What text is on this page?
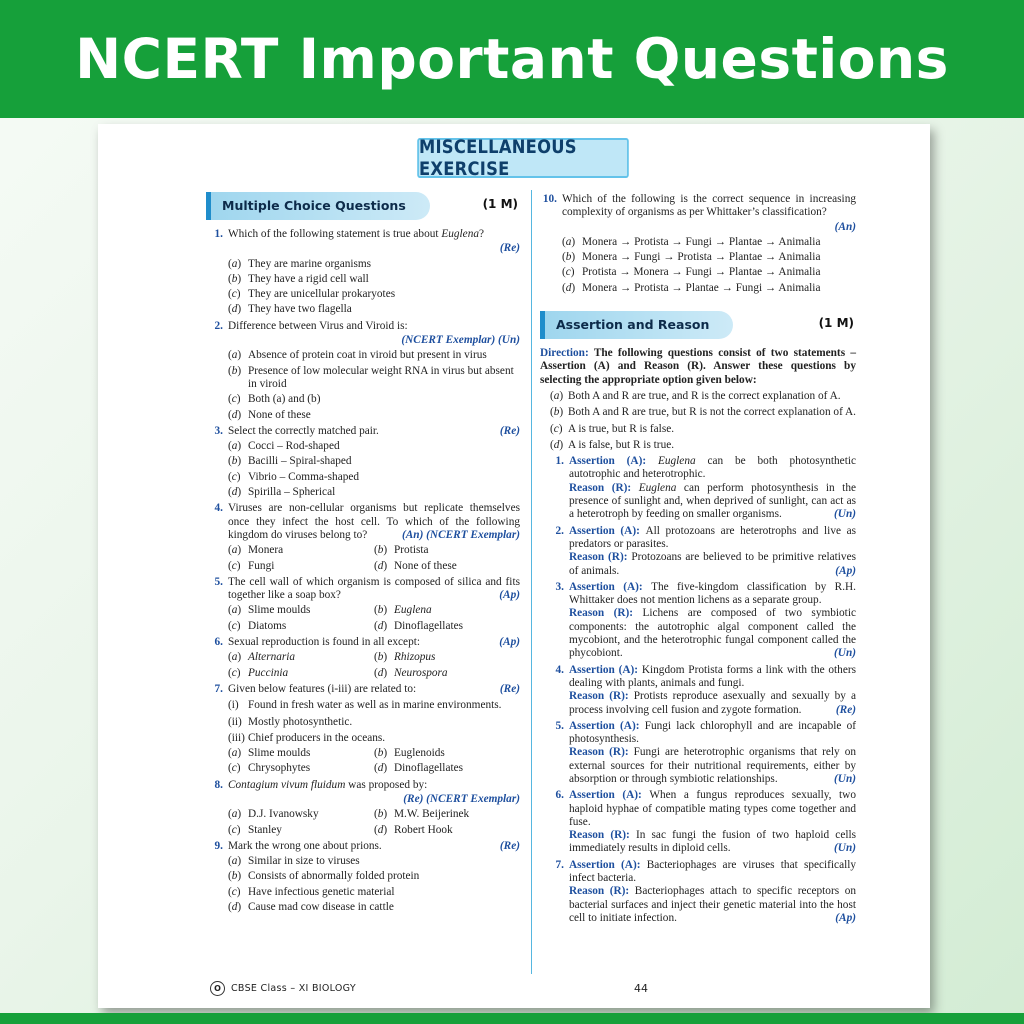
NCERT Important Questions
MISCELLANEOUS EXERCISE
Multiple Choice Questions	(1 M)
1. Which of the following statement is true about Euglena?
(Re)
(a) They are marine organisms
(b) They have a rigid cell wall
(c) They are unicellular prokaryotes
(d) They have two flagella
2. Difference between Virus and Viroid is:
(NCERT Exemplar) (Un)
(a) Absence of protein coat in viroid but present in virus
(b) Presence of low molecular weight RNA in virus but absent in viroid
(c) Both (a) and (b)
(d) None of these
3. Select the correctly matched pair.	(Re)
(a) Cocci – Rod-shaped
(b) Bacilli – Spiral-shaped
(c) Vibrio – Comma-shaped
(d) Spirilla – Spherical
4. Viruses are non-cellular organisms but replicate themselves once they infect the host cell. To which of the following kingdom do viruses belong to?	(An) (NCERT Exemplar)
(a) Monera	(b) Protista
(c) Fungi	(d) None of these
5. The cell wall of which organism is composed of silica and fits together like a soap box?	(Ap)
(a) Slime moulds	(b) Euglena
(c) Diatoms	(d) Dinoflagellates
6. Sexual reproduction is found in all except:	(Ap)
(a) Alternaria	(b) Rhizopus
(c) Puccinia	(d) Neurospora
7. Given below features (i-iii) are related to:	(Re)
(i) Found in fresh water as well as in marine environments.
(ii) Mostly photosynthetic.
(iii) Chief producers in the oceans.
(a) Slime moulds	(b) Euglenoids
(c) Chrysophytes	(d) Dinoflagellates
8. Contagium vivum fluidum was proposed by:
(Re) (NCERT Exemplar)
(a) D.J. Ivanowsky	(b) M.W. Beijerinek
(c) Stanley	(d) Robert Hook
9. Mark the wrong one about prions.	(Re)
(a) Similar in size to viruses
(b) Consists of abnormally folded protein
(c) Have infectious genetic material
(d) Cause mad cow disease in cattle
10. Which of the following is the correct sequence in increasing complexity of organisms as per Whittaker’s classification?
(An)
(a) Monera → Protista → Fungi → Plantae → Animalia
(b) Monera → Fungi → Protista → Plantae → Animalia
(c) Protista → Monera → Fungi → Plantae → Animalia
(d) Monera → Protista → Plantae → Fungi → Animalia
Assertion and Reason	(1 M)
Direction: The following questions consist of two statements – Assertion (A) and Reason (R). Answer these questions by selecting the appropriate option given below:
(a) Both A and R are true, and R is the correct explanation of A.
(b) Both A and R are true, but R is not the correct explanation of A.
(c) A is true, but R is false.
(d) A is false, but R is true.
1. Assertion (A): Euglena can be both photosynthetic autotrophic and heterotrophic.

Reason (R): Euglena can perform photosynthesis in the presence of sunlight and, when deprived of sunlight, can act as a heterotroph by feeding on smaller organisms.	(Un)

2. Assertion (A): All protozoans are heterotrophs and live as predators or parasites.

Reason (R): Protozoans are believed to be primitive relatives of animals.	(Ap)

3. Assertion (A): The five-kingdom classification by R.H. Whittaker does not mention lichens as a separate group.

Reason (R): Lichens are composed of two symbiotic components: the autotrophic algal component called the mycobiont, and the heterotrophic fungal component called the phycobiont.	(Un)

4. Assertion (A): Kingdom Protista forms a link with the others dealing with plants, animals and fungi.

Reason (R): Protists reproduce asexually and sexually by a process involving cell fusion and zygote formation.	(Re)

5. Assertion (A): Fungi lack chlorophyll and are incapable of photosynthesis.

Reason (R): Fungi are heterotrophic organisms that rely on external sources for their nutritional requirements, either by absorption or through symbiotic relationships.	(Un)

6. Assertion (A): When a fungus reproduces sexually, two haploid hyphae of compatible mating types come together and fuse.

Reason (R): In sac fungi the fusion of two haploid cells immediately results in diploid cells.	(Un)

7. Assertion (A): Bacteriophages are viruses that specifically infect bacteria.

Reason (R): Bacteriophages attach to specific receptors on bacterial surfaces and inject their genetic material into the host cell to initiate infection.	(Ap)

O	CBSE Class – XI BIOLOGY	44
